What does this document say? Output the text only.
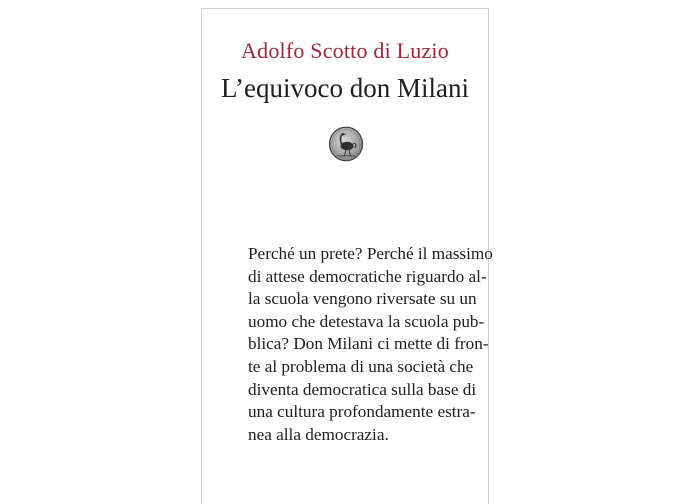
Adolfo Scotto di Luzio
L’equivoco don Milani
Perché un prete? Perché il massimo
di attese democratiche riguardo al-
la scuola vengono riversate su un
uomo che detestava la scuola pub-
blica? Don Milani ci mette di fron-
te al problema di una società che
diventa democratica sulla base di
una cultura profondamente estra-
nea alla democrazia.
